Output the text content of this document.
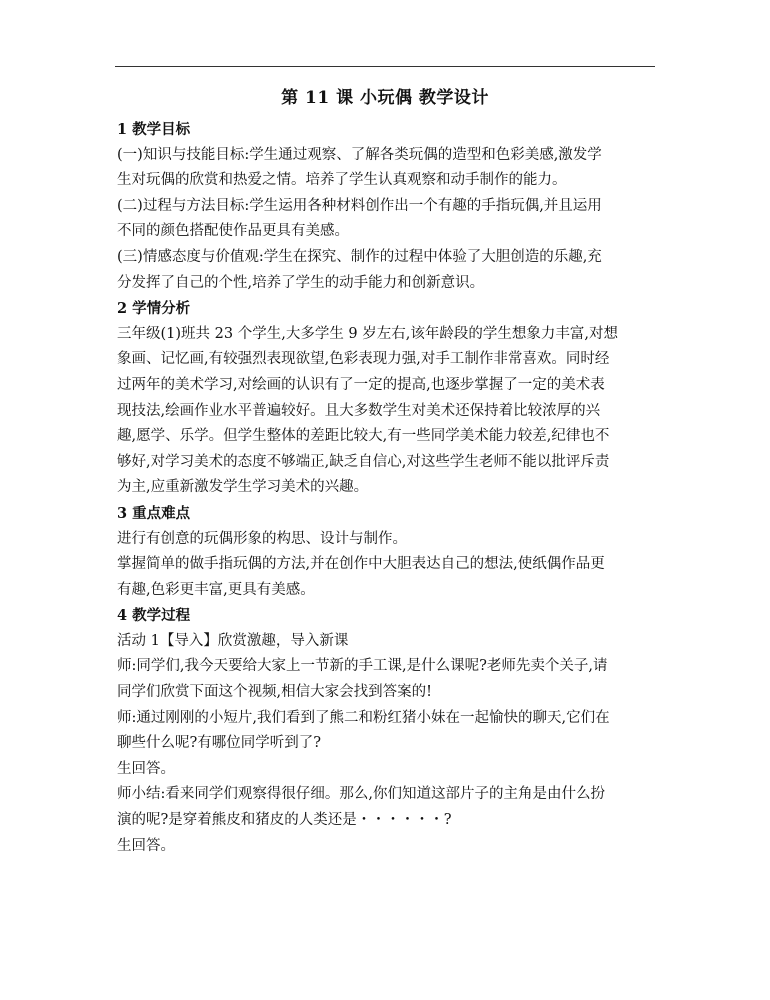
第 11 课 小玩偶 教学设计
1 教学目标
(一)知识与技能目标:学生通过观察、了解各类玩偶的造型和色彩美感,激发学
生对玩偶的欣赏和热爱之情。培养了学生认真观察和动手制作的能力。
(二)过程与方法目标:学生运用各种材料创作出一个有趣的手指玩偶,并且运用
不同的颜色搭配使作品更具有美感。
(三)情感态度与价值观:学生在探究、制作的过程中体验了大胆创造的乐趣,充
分发挥了自己的个性,培养了学生的动手能力和创新意识。
2 学情分析
三年级(1)班共 23 个学生,大多学生 9 岁左右,该年龄段的学生想象力丰富,对想
象画、记忆画,有较强烈表现欲望,色彩表现力强,对手工制作非常喜欢。同时经
过两年的美术学习,对绘画的认识有了一定的提高,也逐步掌握了一定的美术表
现技法,绘画作业水平普遍较好。且大多数学生对美术还保持着比较浓厚的兴
趣,愿学、乐学。但学生整体的差距比较大,有一些同学美术能力较差,纪律也不
够好,对学习美术的态度不够端正,缺乏自信心,对这些学生老师不能以批评斥责
为主,应重新激发学生学习美术的兴趣。
3 重点难点
进行有创意的玩偶形象的构思、设计与制作。
掌握简单的做手指玩偶的方法,并在创作中大胆表达自己的想法,使纸偶作品更
有趣,色彩更丰富,更具有美感。
4 教学过程
活动 1【导入】欣赏激趣，导入新课
师:同学们,我今天要给大家上一节新的手工课,是什么课呢?老师先卖个关子,请
同学们欣赏下面这个视频,相信大家会找到答案的!
师:通过刚刚的小短片,我们看到了熊二和粉红猪小妹在一起愉快的聊天,它们在
聊些什么呢?有哪位同学听到了?
生回答。
师小结:看来同学们观察得很仔细。那么,你们知道这部片子的主角是由什么扮
演的呢?是穿着熊皮和猪皮的人类还是・・・・・・?
生回答。
